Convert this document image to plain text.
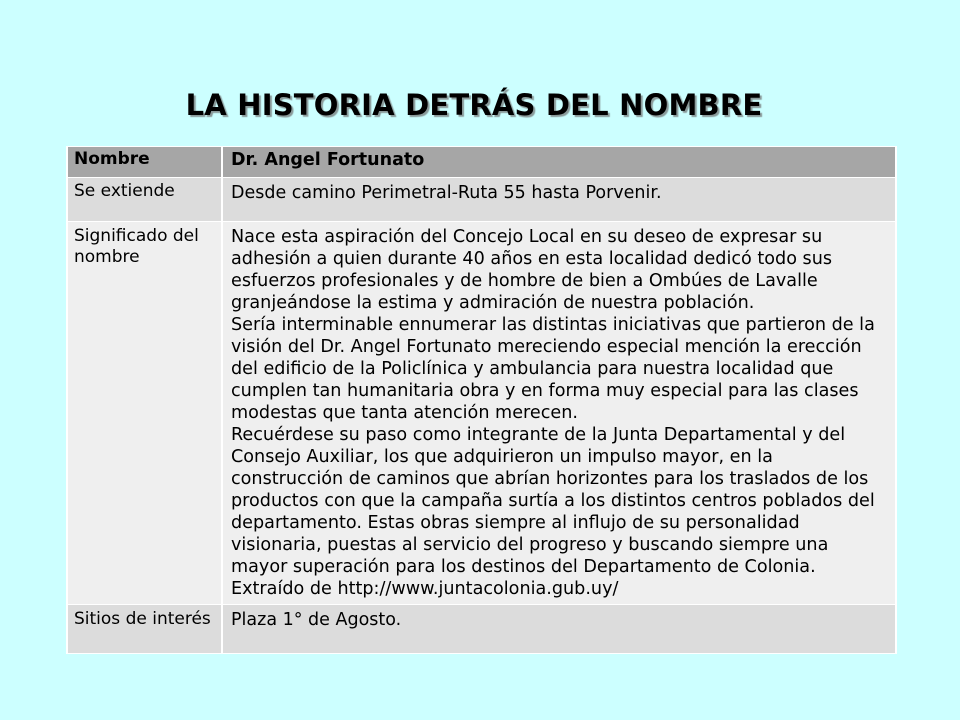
LA HISTORIA DETRÁS DEL NOMBRE
Nombre	Dr. Angel Fortunato

Se extiende	Desde camino Perimetral-Ruta 55 hasta Porvenir.

Significado del nombre	Nace esta aspiración del Concejo Local en su deseo de expresar su adhesión a quien durante 40 años en esta localidad dedicó todo sus esfuerzos profesionales y de hombre de bien a Ombúes de Lavalle granjeándose la estima y admiración de nuestra población.
Sería interminable ennumerar las distintas iniciativas que partieron de la visión del Dr. Angel Fortunato mereciendo especial mención la erección del edificio de la Policlínica y ambulancia para nuestra localidad que cumplen tan humanitaria obra y en forma muy especial para las clases modestas que tanta atención merecen.
Recuérdese su paso como integrante de la Junta Departamental y del Consejo Auxiliar, los que adquirieron un impulso mayor, en la construcción de caminos que abrían horizontes para los traslados de los productos con que la campaña surtía a los distintos centros poblados del departamento. Estas obras siempre al influjo de su personalidad visionaria, puestas al servicio del progreso y buscando siempre una mayor superación para los destinos del Departamento de Colonia. Extraído de http://www.juntacolonia.gub.uy/

Sitios de interés	Plaza 1° de Agosto.
